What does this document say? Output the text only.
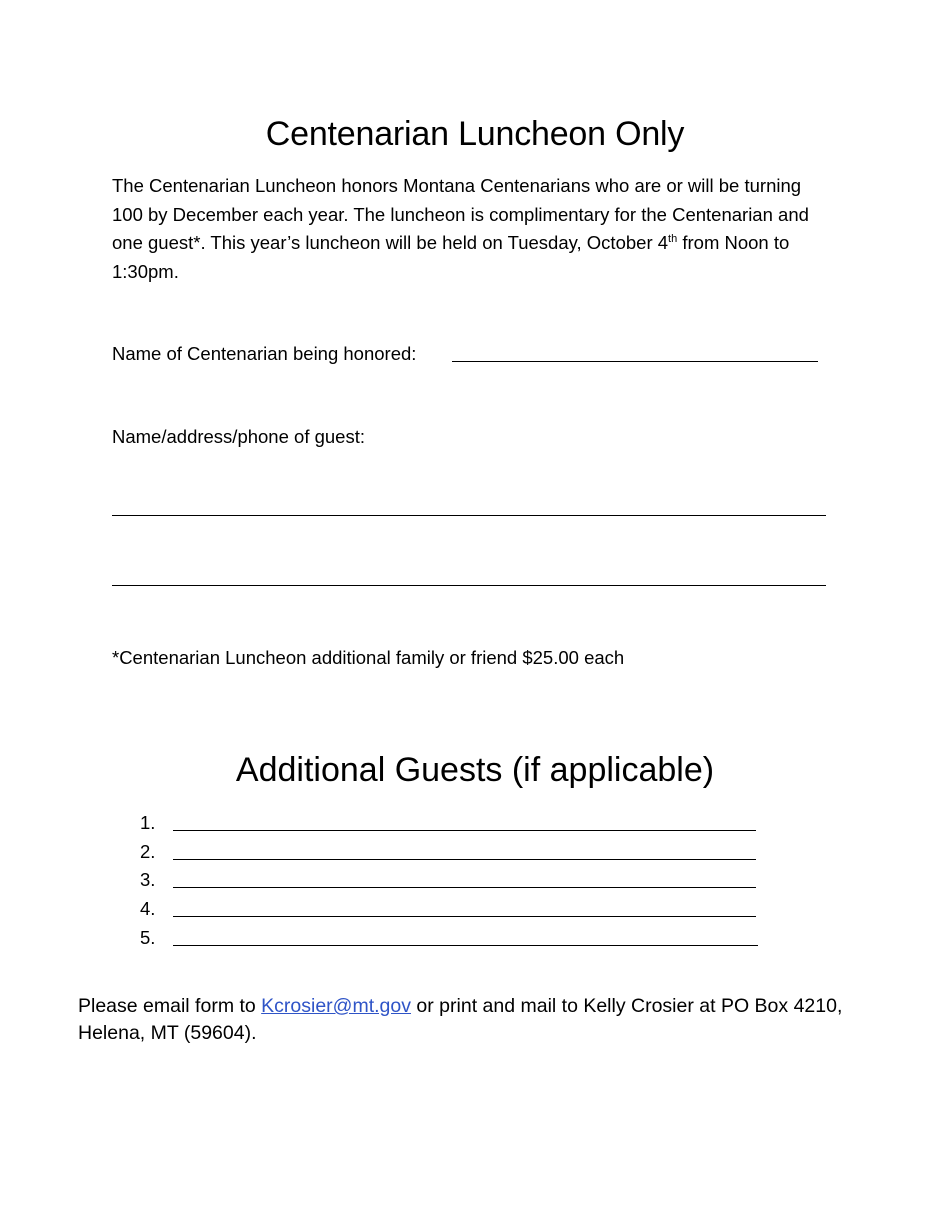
Centenarian Luncheon Only
The Centenarian Luncheon honors Montana Centenarians who are or will be turning 100 by December each year. The luncheon is complimentary for the Centenarian and one guest*. This year’s luncheon will be held on Tuesday, October 4th from Noon to 1:30pm.
Name of Centenarian being honored:
Name/address/phone of guest:
*Centenarian Luncheon additional family or friend $25.00 each
Additional Guests (if applicable)
1.
2.
3.
4.
5.
Please email form to Kcrosier@mt.gov or print and mail to Kelly Crosier at PO Box 4210, Helena, MT (59604).
